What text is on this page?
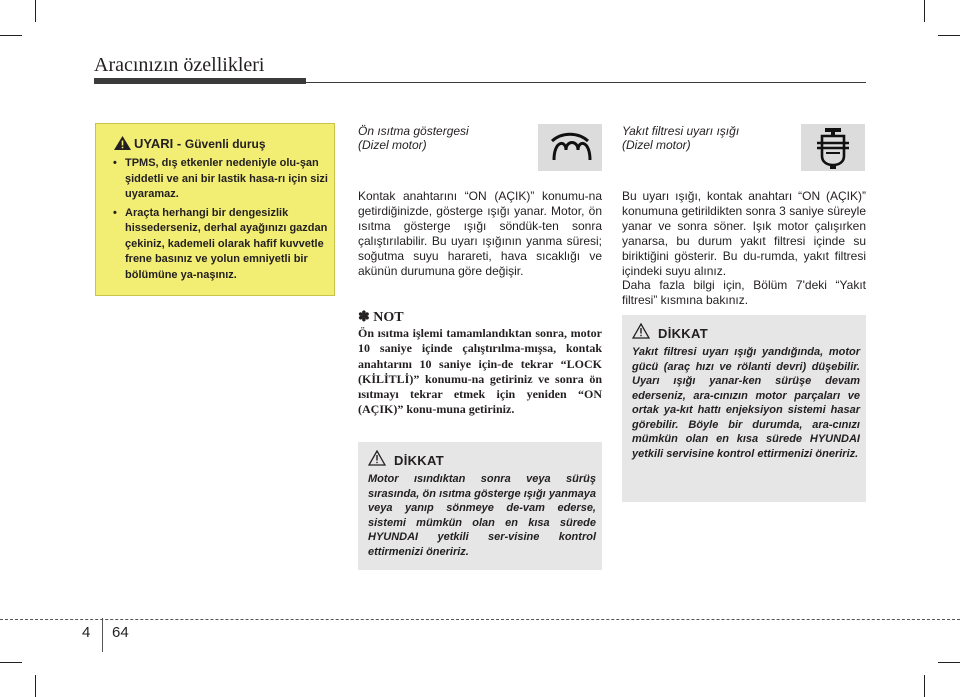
Aracınızın özellikleri
UYARI - Güvenli duruş
• TPMS, dış etkenler nedeniyle olu-şan şiddetli ve ani bir lastik hasa-rı için sizi uyaramaz.
• Araçta herhangi bir dengesizlik hissederseniz, derhal ayağınızı gazdan çekiniz, kademeli olarak hafif kuvvetle frene basınız ve yolun emniyetli bir bölümüne ya-naşınız.
Ön ısıtma göstergesi
(Dizel motor)
Kontak anahtarını “ON (AÇIK)” konumu-na getirdiğinizde, gösterge ışığı yanar. Motor, ön ısıtma gösterge ışığı söndük-ten sonra çalıştırılabilir. Bu uyarı ışığının yanma süresi; soğutma suyu harareti, hava sıcaklığı ve akünün durumuna göre değişir.
✽ NOT
Ön ısıtma işlemi tamamlandıktan sonra, motor 10 saniye içinde çalıştırılma-mışsa, kontak anahtarını 10 saniye için-de tekrar “LOCK (KİLİTLİ)” konumu-na getiriniz ve sonra ön ısıtmayı tekrar etmek için yeniden “ON (AÇIK)” konu-muna getiriniz.
DİKKAT
Motor ısındıktan sonra veya sürüş sırasında, ön ısıtma gösterge ışığı yanmaya veya yanıp sönmeye de-vam ederse, sistemi mümkün olan en kısa sürede HYUNDAI yetkili ser-visine kontrol ettirmenizi öneririz.
Yakıt filtresi uyarı ışığı
(Dizel motor)
Bu uyarı ışığı, kontak anahtarı “ON (AÇIK)” konumuna getirildikten sonra 3 saniye süreyle yanar ve sonra söner. Işık motor çalışırken yanarsa, bu durum yakıt filtresi içinde su biriktiğini gösterir. Bu du-rumda, yakıt filtresi içindeki suyu alınız.
Daha fazla bilgi için, Bölüm 7'deki “Yakıt filtresi” kısmına bakınız.
DİKKAT
Yakıt filtresi uyarı ışığı yandığında, motor gücü (araç hızı ve rölanti devri) düşebilir. Uyarı ışığı yanar-ken sürüşe devam ederseniz, ara-cınızın motor parçaları ve ortak ya-kıt hattı enjeksiyon sistemi hasar görebilir. Böyle bir durumda, ara-cınızı mümkün olan en kısa sürede HYUNDAI yetkili servisine kontrol ettirmenizi öneririz.
4 64
